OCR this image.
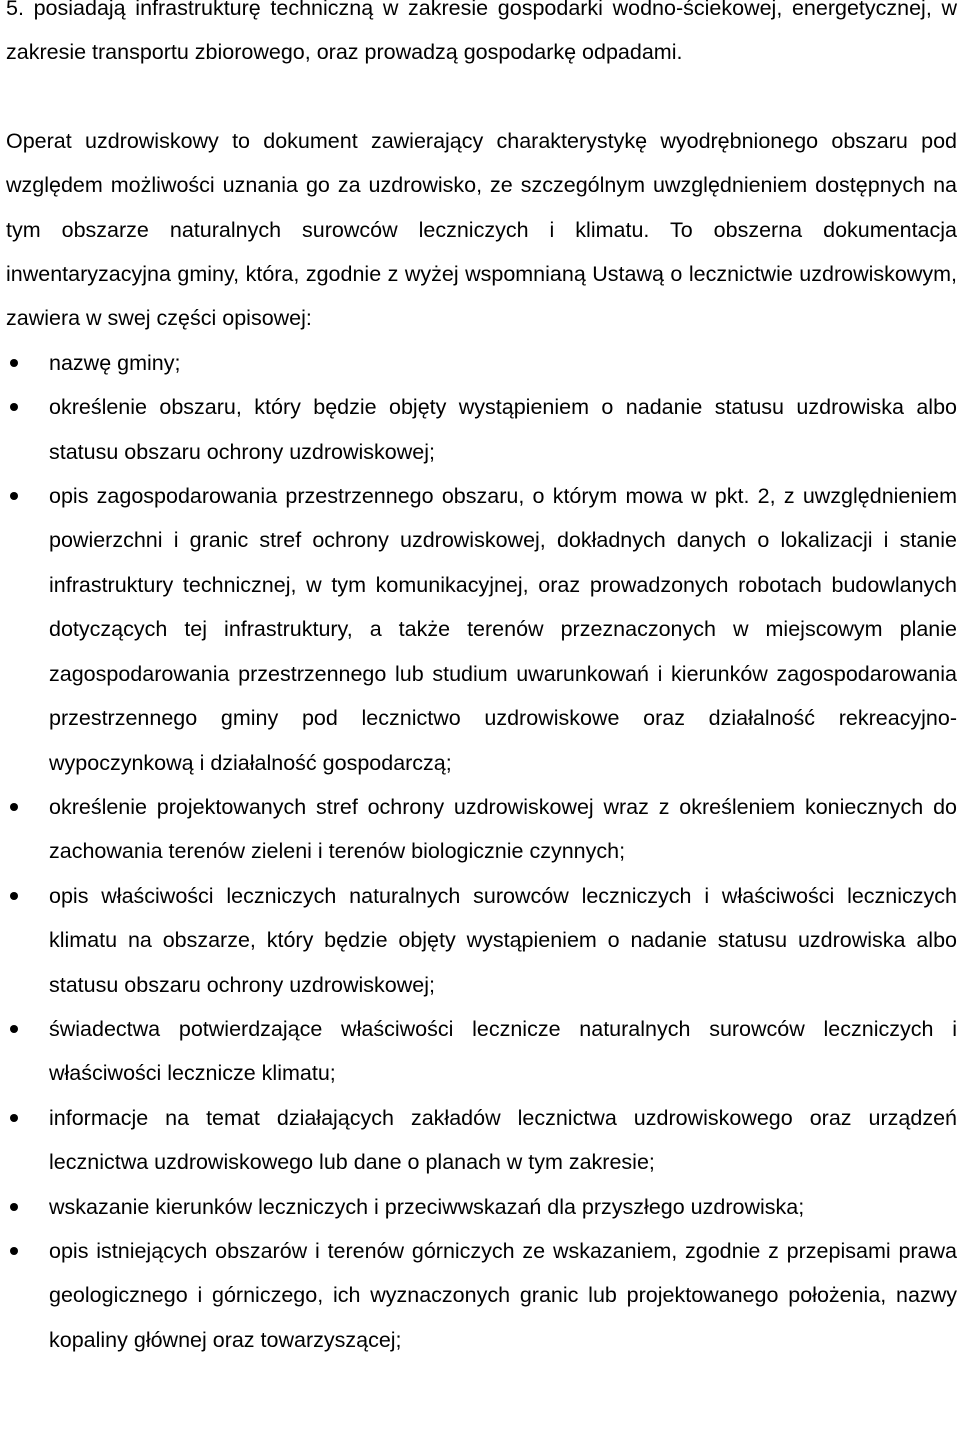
5. posiadają infrastrukturę techniczną w zakresie gospodarki wodno-ściekowej, energetycznej, w zakresie transportu zbiorowego, oraz prowadzą gospodarkę odpadami.

Operat uzdrowiskowy to dokument zawierający charakterystykę wyodrębnionego obszaru pod względem możliwości uznania go za uzdrowisko, ze szczególnym uwzględnieniem dostępnych na tym obszarze naturalnych surowców leczniczych i klimatu. To obszerna dokumentacja inwentaryzacyjna gminy, która, zgodnie z wyżej wspomnianą Ustawą o lecznictwie uzdrowiskowym, zawiera w swej części opisowej:

nazwę gminy;
określenie obszaru, który będzie objęty wystąpieniem o nadanie statusu uzdrowiska albo statusu obszaru ochrony uzdrowiskowej;
opis zagospodarowania przestrzennego obszaru, o którym mowa w pkt. 2, z uwzględnieniem powierzchni i granic stref ochrony uzdrowiskowej, dokładnych danych o lokalizacji i stanie infrastruktury technicznej, w tym komunikacyjnej, oraz prowadzonych robotach budowlanych dotyczących tej infrastruktury, a także terenów przeznaczonych w miejscowym planie zagospodarowania przestrzennego lub studium uwarunkowań i kierunków zagospodarowania przestrzennego gminy pod lecznictwo uzdrowiskowe oraz działalność rekreacyjno-wypoczynkową i działalność gospodarczą;
określenie projektowanych stref ochrony uzdrowiskowej wraz z określeniem koniecznych do zachowania terenów zieleni i terenów biologicznie czynnych;
opis właściwości leczniczych naturalnych surowców leczniczych i właściwości leczniczych klimatu na obszarze, który będzie objęty wystąpieniem o nadanie statusu uzdrowiska albo statusu obszaru ochrony uzdrowiskowej;
świadectwa potwierdzające właściwości lecznicze naturalnych surowców leczniczych i właściwości lecznicze klimatu;
informacje na temat działających zakładów lecznictwa uzdrowiskowego oraz urządzeń lecznictwa uzdrowiskowego lub dane o planach w tym zakresie;
wskazanie kierunków leczniczych i przeciwwskazań dla przyszłego uzdrowiska;
opis istniejących obszarów i terenów górniczych ze wskazaniem, zgodnie z przepisami prawa geologicznego i górniczego, ich wyznaczonych granic lub projektowanego położenia, nazwy kopaliny głównej oraz towarzyszącej;
